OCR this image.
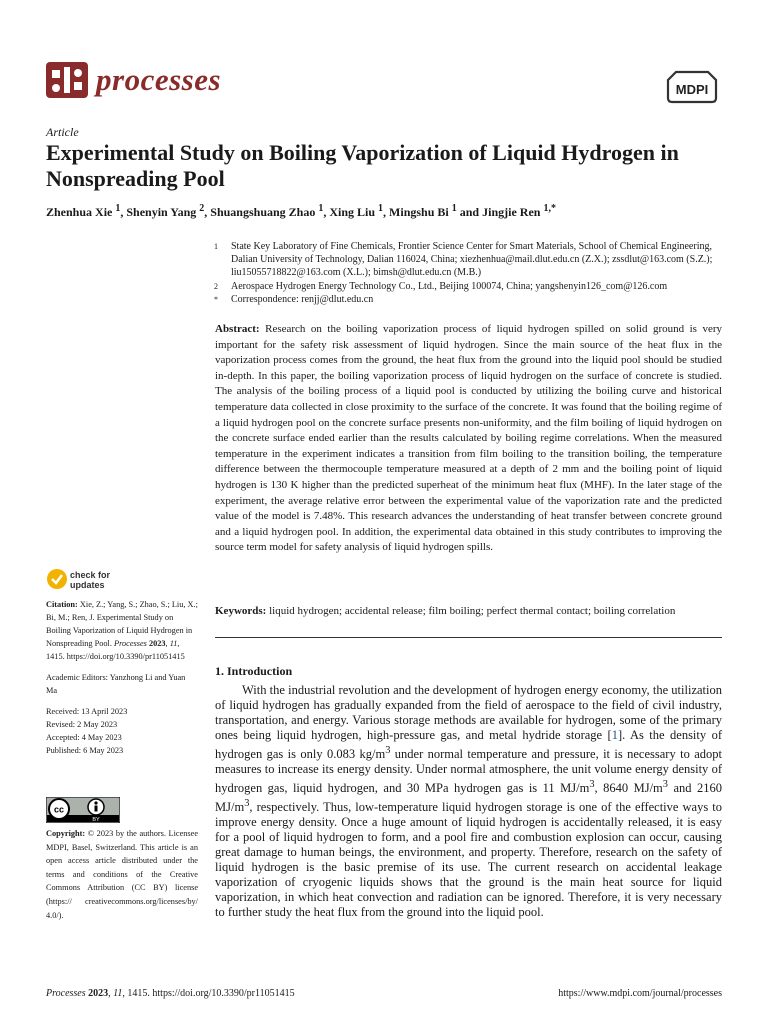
processes	MDPI
Article
Experimental Study on Boiling Vaporization of Liquid Hydrogen in Nonspreading Pool
Zhenhua Xie $^1$, Shenyin Yang $^2$, Shuangshuang Zhao $^1$, Xing Liu $^1$, Mingshu Bi $^1$ and Jingjie Ren $^{1,*}$
1	State Key Laboratory of Fine Chemicals, Frontier Science Center for Smart Materials, School of Chemical Engineering, Dalian University of Technology, Dalian 116024, China; xiezhenhua@mail.dlut.edu.cn (Z.X.); zssdlut@163.com (S.Z.); liu15055718822@163.com (X.L.); bimsh@dlut.edu.cn (M.B.)
2	Aerospace Hydrogen Energy Technology Co., Ltd., Beijing 100074, China; yangshenyin126_com@126.com
*	Correspondence: renjj@dlut.edu.cn
Abstract: Research on the boiling vaporization process of liquid hydrogen spilled on solid ground is very important for the safety risk assessment of liquid hydrogen. Since the main source of the heat flux in the vaporization process comes from the ground, the heat flux from the ground into the liquid pool should be studied in-depth. In this paper, the boiling vaporization process of liquid hydrogen on the surface of concrete is studied. The analysis of the boiling process of a liquid pool is conducted by utilizing the boiling curve and historical temperature data collected in close proximity to the surface of the concrete. It was found that the boiling regime of a liquid hydrogen pool on the concrete surface presents non-uniformity, and the film boiling of liquid hydrogen on the concrete surface ended earlier than the results calculated by boiling regime correlations. When the measured temperature in the experiment indicates a transition from film boiling to the transition boiling, the temperature difference between the thermocouple temperature measured at a depth of 2 mm and the boiling point of liquid hydrogen is 130 K higher than the predicted superheat of the minimum heat flux (MHF). In the later stage of the experiment, the average relative error between the experimental value of the vaporization rate and the predicted value of the model is 7.48%. This research advances the understanding of heat transfer between concrete ground and a liquid hydrogen pool. In addition, the experimental data obtained in this study contributes to improving the source term model for safety analysis of liquid hydrogen spills.
Keywords: liquid hydrogen; accidental release; film boiling; perfect thermal contact; boiling correlation
check for
updates

Citation: Xie, Z.; Yang, S.; Zhao, S.; Liu, X.; Bi, M.; Ren, J. Experimental Study on Boiling Vaporization of Liquid Hydrogen in Nonspreading Pool. Processes 2023, 11, 1415. https://doi.org/10.3390/pr11051415

Academic Editors: Yanzhong Li and Yuan Ma

Received: 13 April 2023
Revised: 2 May 2023
Accepted: 4 May 2023
Published: 6 May 2023

cc
BY
Copyright: © 2023 by the authors. Licensee MDPI, Basel, Switzerland. This article is an open access article distributed under the terms and conditions of the Creative Commons Attribution (CC BY) license (https:// creativecommons.org/licenses/by/ 4.0/).
1. Introduction
With the industrial revolution and the development of hydrogen energy economy, the utilization of liquid hydrogen has gradually expanded from the field of aerospace to the field of civil industry, transportation, and energy. Various storage methods are available for hydrogen, some of the primary ones being liquid hydrogen, high-pressure gas, and metal hydride storage [1]. As the density of hydrogen gas is only 0.083 $kg/m^3$ under normal temperature and pressure, it is necessary to adopt measures to increase its energy density. Under normal atmosphere, the unit volume energy density of hydrogen gas, liquid hydrogen, and 30 MPa hydrogen gas is 11 $MJ/m^3$, 8640 $MJ/m^3$ and 2160 $MJ/m^3$, respectively. Thus, low-temperature liquid hydrogen storage is one of the effective ways to improve energy density. Once a huge amount of liquid hydrogen is accidentally released, it is easy for a pool of liquid hydrogen to form, and a pool fire and combustion explosion can occur, causing great damage to human beings, the environment, and property. Therefore, research on the safety of liquid hydrogen is the basic premise of its use. The current research on accidental leakage vaporization of cryogenic liquids shows that the ground is the main heat source for liquid vaporization, in which heat convection and radiation can be ignored. Therefore, it is very necessary to further study the heat flux from the ground into the liquid pool.
Processes 2023, 11, 1415. https://doi.org/10.3390/pr11051415	https://www.mdpi.com/journal/processes
